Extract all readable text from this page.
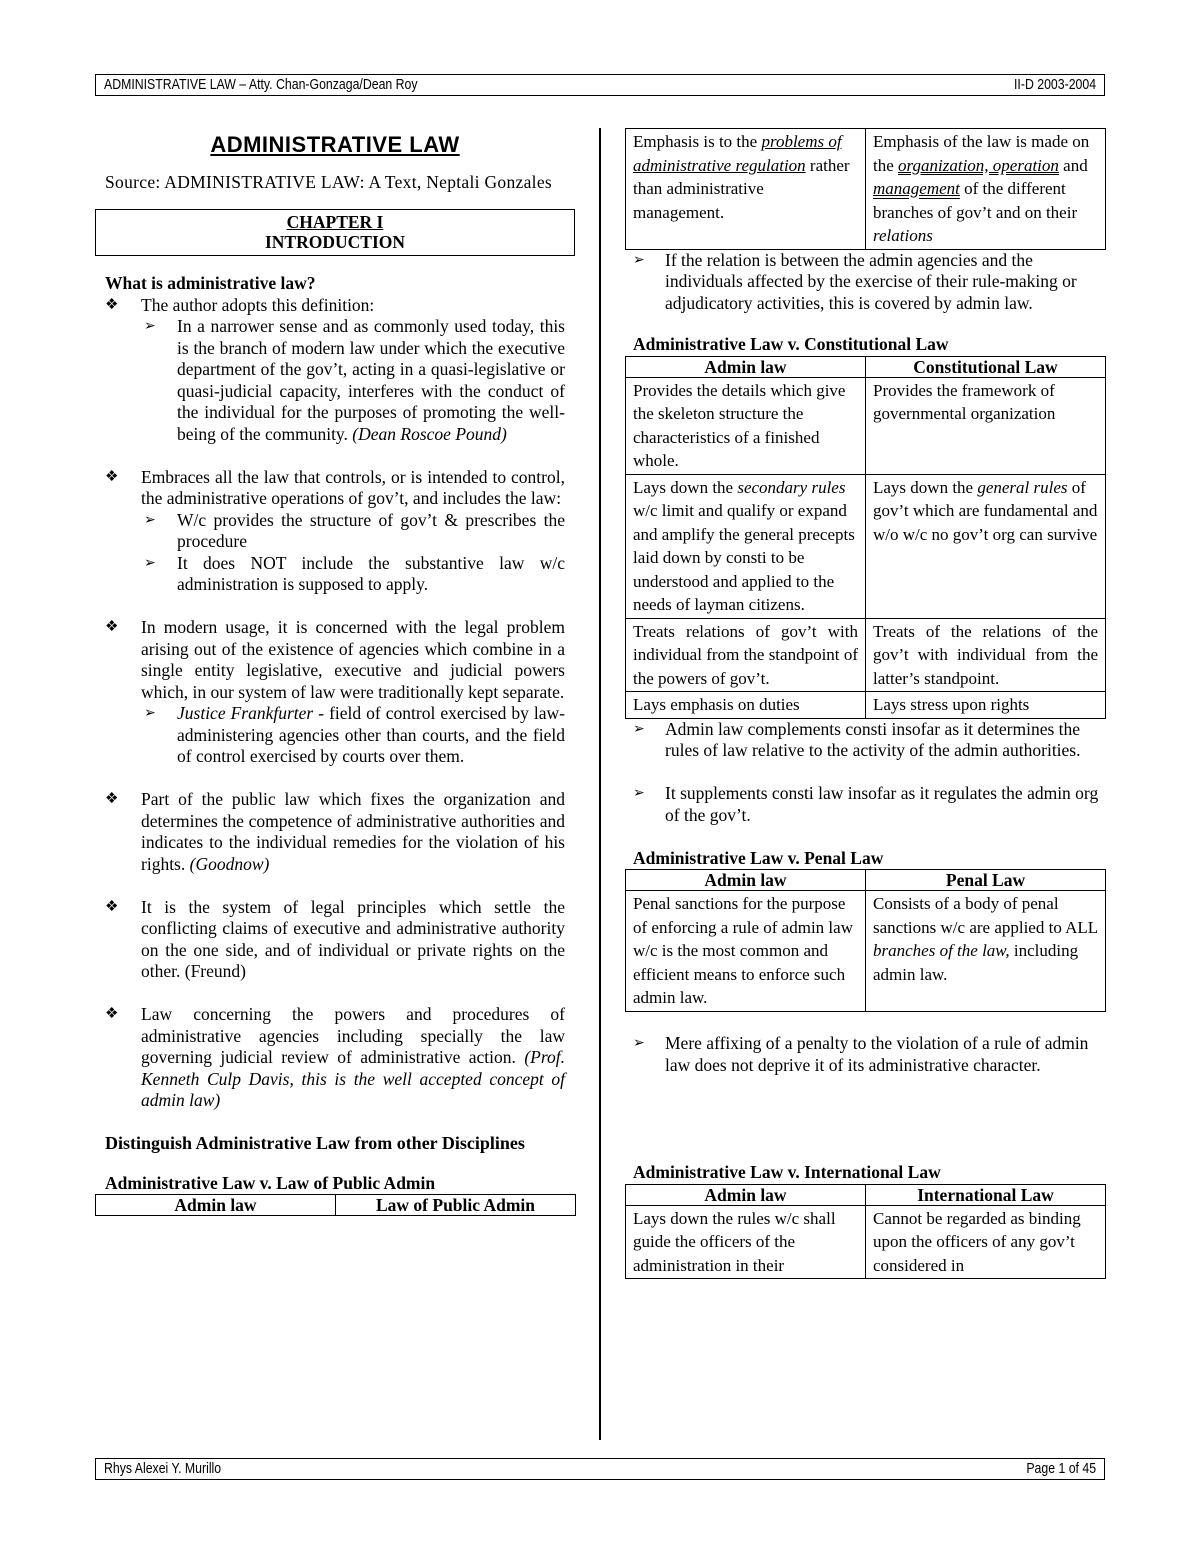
ADMINISTRATIVE LAW – Atty. Chan-Gonzaga/Dean Roy	II-D 2003-2004
ADMINISTRATIVE LAW
Source: ADMINISTRATIVE LAW: A Text, Neptali Gonzales
CHAPTER I
INTRODUCTION
What is administrative law?
❖ The author adopts this definition:
➢ In a narrower sense and as commonly used today, this is the branch of modern law under which the executive department of the gov’t, acting in a quasi-legislative or quasi-judicial capacity, interferes with the conduct of the individual for the purposes of promoting the well-being of the community. (Dean Roscoe Pound)
❖ Embraces all the law that controls, or is intended to control, the administrative operations of gov’t, and includes the law:
➢ W/c provides the structure of gov’t & prescribes the procedure
➢ It does NOT include the substantive law w/c administration is supposed to apply.
❖ In modern usage, it is concerned with the legal problem arising out of the existence of agencies which combine in a single entity legislative, executive and judicial powers which, in our system of law were traditionally kept separate.
➢ Justice Frankfurter - field of control exercised by law-administering agencies other than courts, and the field of control exercised by courts over them.
❖ Part of the public law which fixes the organization and determines the competence of administrative authorities and indicates to the individual remedies for the violation of his rights. (Goodnow)
❖ It is the system of legal principles which settle the conflicting claims of executive and administrative authority on the one side, and of individual or private rights on the other. (Freund)
❖ Law concerning the powers and procedures of administrative agencies including specially the law governing judicial review of administrative action. (Prof. Kenneth Culp Davis, this is the well accepted concept of admin law)
Distinguish Administrative Law from other Disciplines
Administrative Law v. Law of Public Admin
Admin law	Law of Public Admin
Emphasis is to the problems of administrative regulation rather than administrative management.	Emphasis of the law is made on the organization, operation and management of the different branches of gov’t and on their relations
➢ If the relation is between the admin agencies and the individuals affected by the exercise of their rule-making or adjudicatory activities, this is covered by admin law.
Administrative Law v. Constitutional Law
Admin law	Constitutional Law
Provides the details which give the skeleton structure the characteristics of a finished whole.	Provides the framework of governmental organization
Lays down the secondary rules w/c limit and qualify or expand and amplify the general precepts laid down by consti to be understood and applied to the needs of layman citizens.	Lays down the general rules of gov’t which are fundamental and w/o w/c no gov’t org can survive
Treats relations of gov’t with individual from the standpoint of the powers of gov’t.	Treats of the relations of the gov’t with individual from the latter’s standpoint.
Lays emphasis on duties	Lays stress upon rights
➢ Admin law complements consti insofar as it determines the rules of law relative to the activity of the admin authorities.
➢ It supplements consti law insofar as it regulates the admin org of the gov’t.
Administrative Law v. Penal Law
Admin law	Penal Law
Penal sanctions for the purpose of enforcing a rule of admin law w/c is the most common and efficient means to enforce such admin law.	Consists of a body of penal sanctions w/c are applied to ALL branches of the law, including admin law.
➢ Mere affixing of a penalty to the violation of a rule of admin law does not deprive it of its administrative character.
Administrative Law v. International Law
Admin law	International Law
Lays down the rules w/c shall guide the officers of the administration in their	Cannot be regarded as binding upon the officers of any gov’t considered in
Rhys Alexei Y. Murillo	Page 1 of 45
